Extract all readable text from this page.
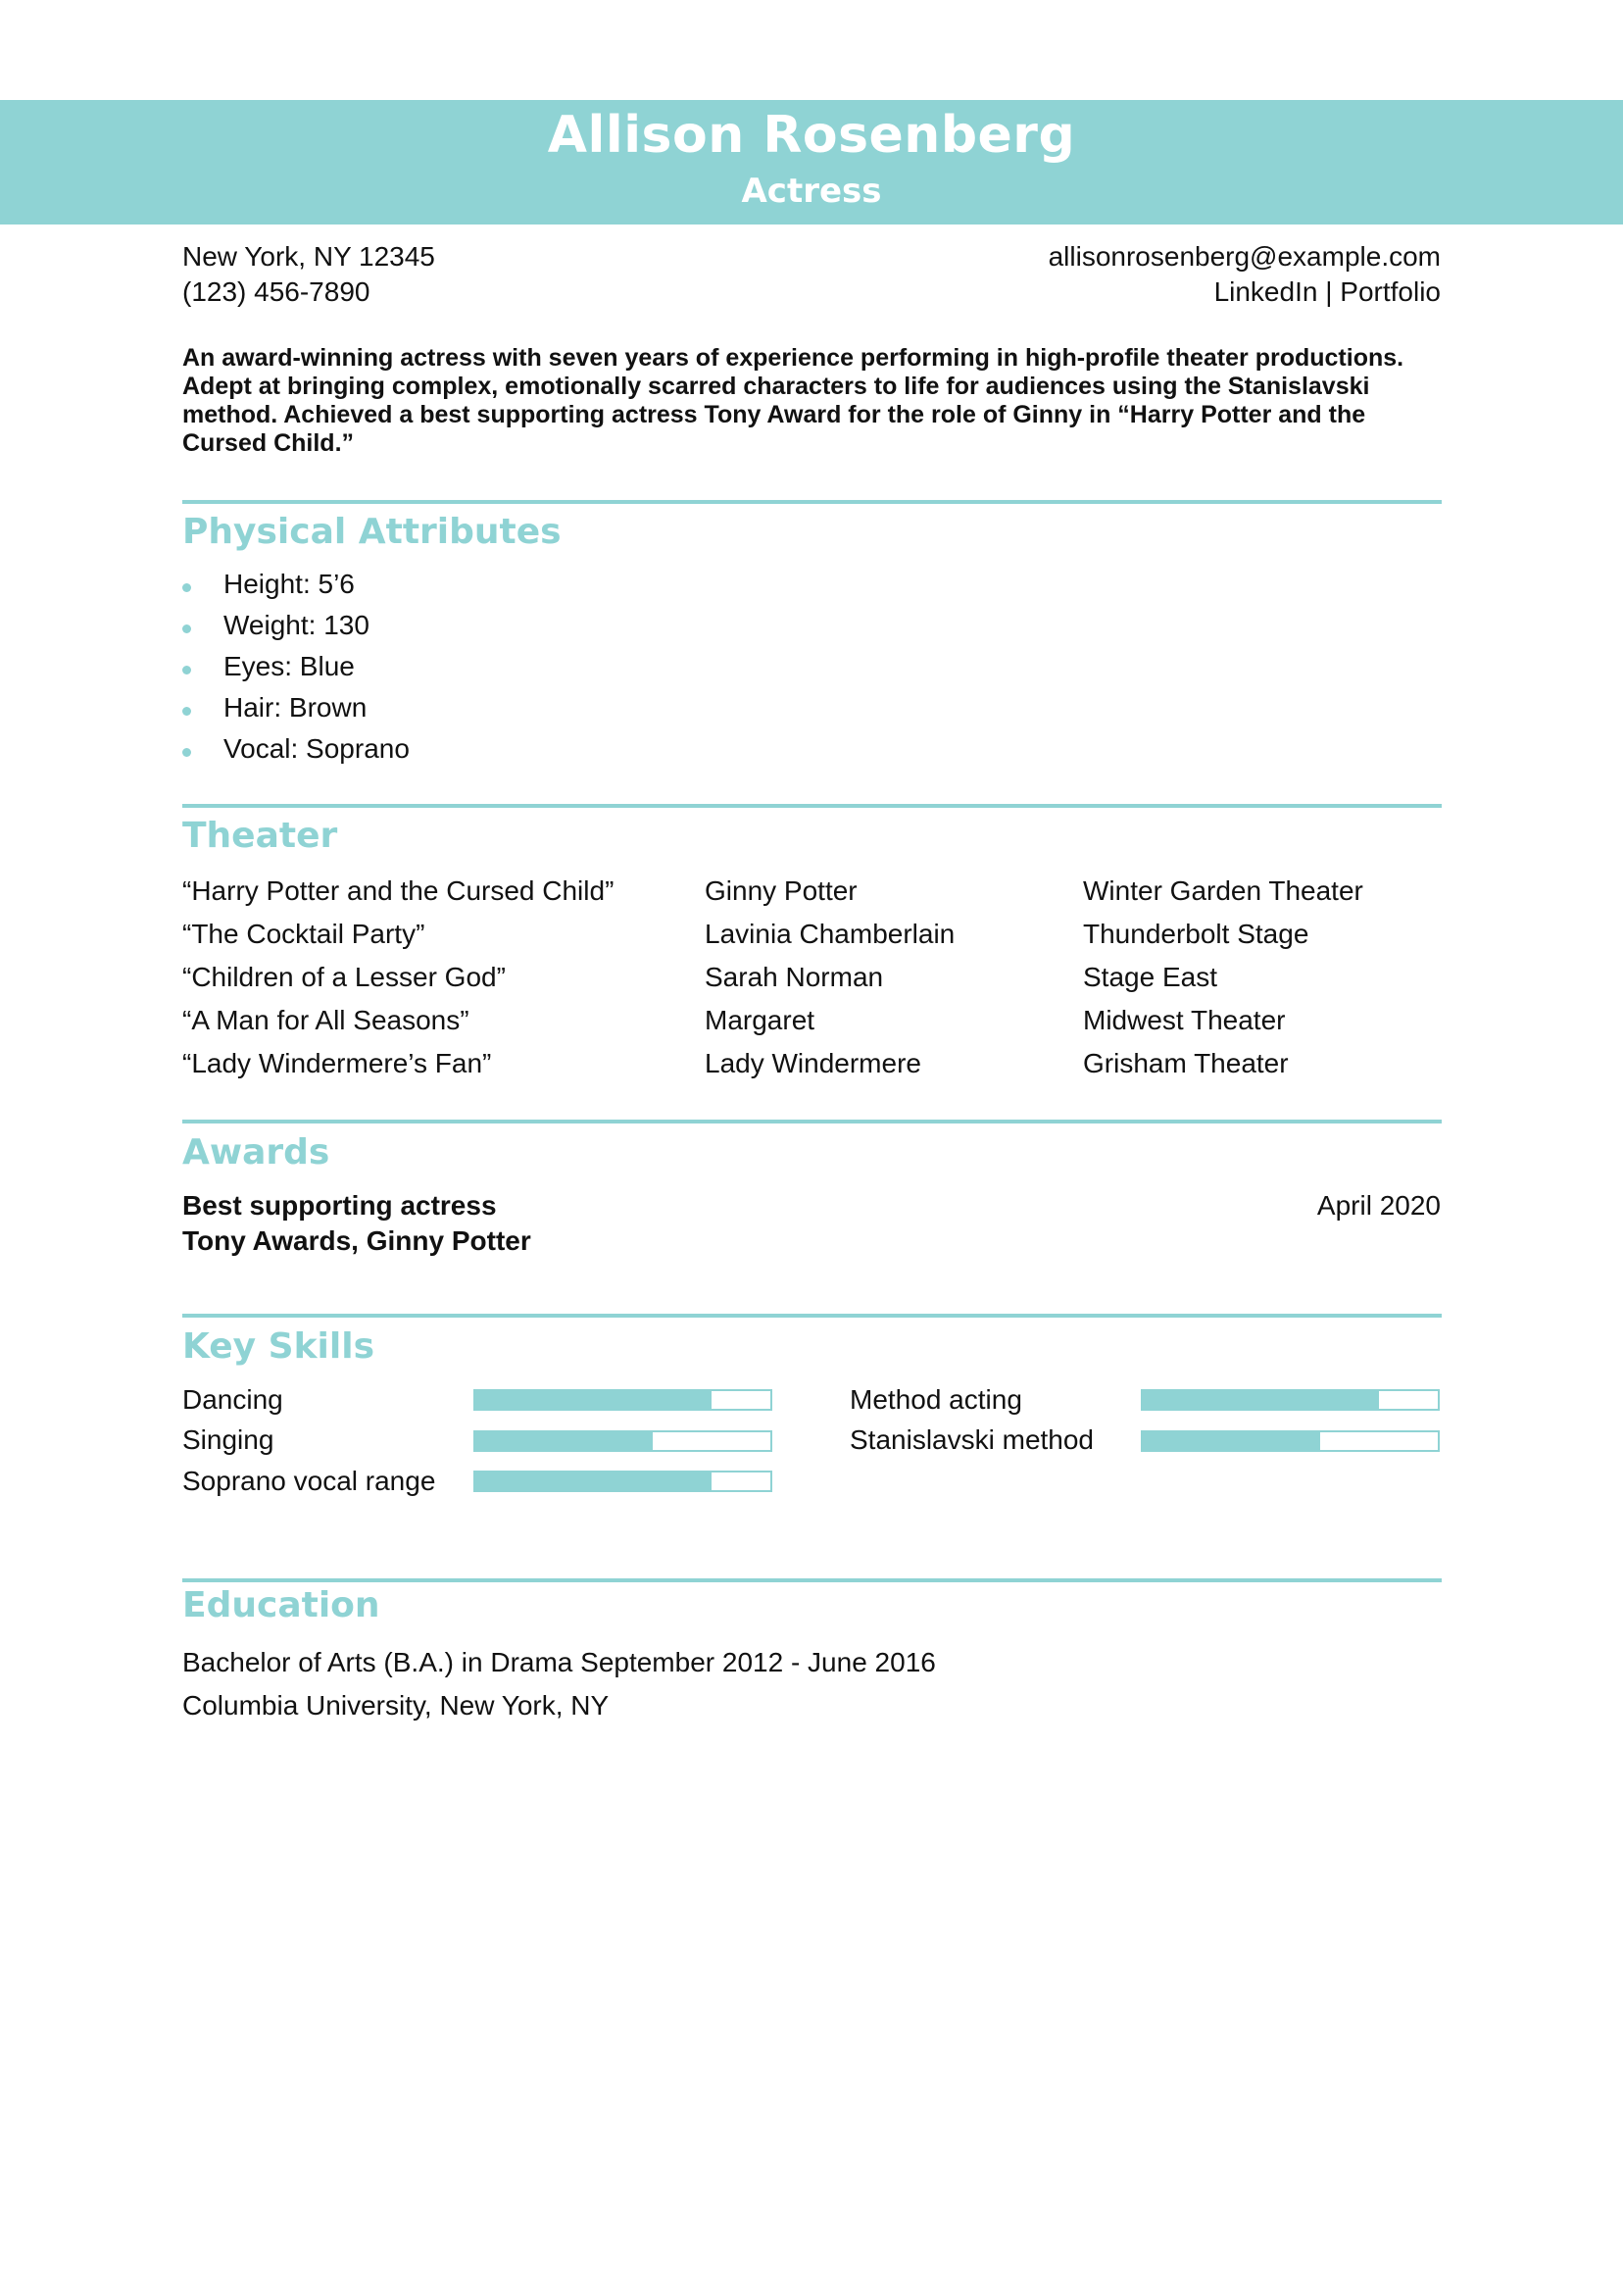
Allison Rosenberg
Actress
New York, NY 12345
(123) 456-7890
allisonrosenberg@example.com
LinkedIn | Portfolio
An award-winning actress with seven years of experience performing in high-profile theater productions. Adept at bringing complex, emotionally scarred characters to life for audiences using the Stanislavski method. Achieved a best supporting actress Tony Award for the role of Ginny in “Harry Potter and the Cursed Child.”
Physical Attributes
Height: 5’6
Weight: 130
Eyes: Blue
Hair: Brown
Vocal: Soprano
Theater
“Harry Potter and the Cursed Child”	Ginny Potter	Winter Garden Theater
“The Cocktail Party”	Lavinia Chamberlain	Thunderbolt Stage
“Children of a Lesser God”	Sarah Norman	Stage East
“A Man for All Seasons”	Margaret	Midwest Theater
“Lady Windermere’s Fan”	Lady Windermere	Grisham Theater
Awards
Best supporting actress
Tony Awards, Ginny Potter
April 2020
Key Skills
Dancing
Singing
Soprano vocal range
Method acting
Stanislavski method
Education
Bachelor of Arts (B.A.) in Drama September 2012 - June 2016
Columbia University, New York, NY
